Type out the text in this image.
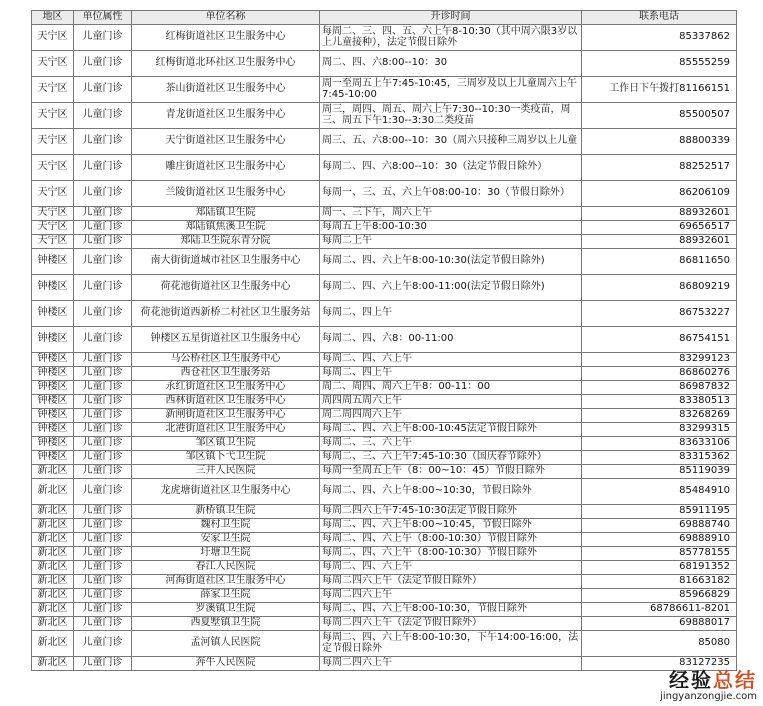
地区	单位属性	单位名称	开诊时间	联系电话
天宁区	儿童门诊	红梅街道社区卫生服务中心	每周二、三、四、五、六上午8-10:30（其中周六限3岁以上儿童接种），法定节假日除外	85337862
天宁区	儿童门诊	红梅街道北环社区卫生服务中心	周二、四、六8:00--10：30	85555259
天宁区	儿童门诊	茶山街道社区卫生服务中心	周一至周五上午7:45-10:45，三周岁及以上儿童周六上午7:45-10:00	工作日下午拨打81166151
天宁区	儿童门诊	青龙街道社区卫生服务中心	周三，周四、周五、周六上午7:30--10:30一类疫苗，周三、周五下午1:30--3:30二类疫苗	85500507
天宁区	儿童门诊	天宁街道社区卫生服务中心	周三、五、六8:00--10：30（周六只接种三周岁以上儿童	88800339
天宁区	儿童门诊	雕庄街道社区卫生服务中心	每周二、四、六8:00--10：30（法定节假日除外）	88252517
天宁区	儿童门诊	兰陵街道社区卫生服务中心	每周一、三、五、六上午08:00-10：30（节假日除外）	86206109
天宁区	儿童门诊	郑陆镇卫生院	周一、三下午，周六上午	88932601
天宁区	儿童门诊	郑陆镇焦溪卫生院	每周五上午8:00-10:30	69656517
天宁区	儿童门诊	郑陆卫生院东青分院	每周二上午	88932601
钟楼区	儿童门诊	南大街街道城市社区卫生服务中心	每周二、四、六上午8:00-10:30(法定节假日除外)	86811650
钟楼区	儿童门诊	荷花池街道社区卫生服务中心	每周二、四、六上午8:00-11:00(法定节假日除外)	86809219
钟楼区	儿童门诊	荷花池街道西新桥二村社区卫生服务站	每周二、四上午	86753227
钟楼区	儿童门诊	钟楼区五星街道社区卫生服务中心	每周二、四、六8：00-11:00	86754151
钟楼区	儿童门诊	马公桥社区卫生服务中心	每周二、四、六上午	83299123
钟楼区	儿童门诊	西仓社区卫生服务站	每周二、四上午	86860276
钟楼区	儿童门诊	永红街道社区卫生服务中心	周二、周四、周六上午8：00-11：00	86987832
钟楼区	儿童门诊	西林街道社区卫生服务中心	周四周五周六上午	83380513
钟楼区	儿童门诊	新闸街道社区卫生服务中心	周二周四周六上午	83268269
钟楼区	儿童门诊	北港街道社区卫生服务中心	每周二、四、六上午8:00-10:45法定节假日除外	83299315
钟楼区	儿童门诊	邹区镇卫生院	每周二、三、六上午	83633106
钟楼区	儿童门诊	邹区镇卜弋卫生院	每周二、三、六上午7:45-10:30（国庆春节除外）	83315362
新北区	儿童门诊	三井人民医院	每周一至周五上午（8：00~10：45）节假日除外	85119039
新北区	儿童门诊	龙虎塘街道社区卫生服务中心	每周二、四、六上午8:00~10:30，节假日除外	85484910
新北区	儿童门诊	新桥镇卫生院	每周二四六上午7:45-10:30法定节假日除外	85911195
新北区	儿童门诊	魏村卫生院	每周二、四、六上午8:00~10:45，节假日除外	69888740
新北区	儿童门诊	安家卫生院	每周二、四、六上午（8:00-10:30）节假日除外	69888910
新北区	儿童门诊	圩塘卫生院	每周二、四、六上午（8:00-10:30）节假日除外	85778155
新北区	儿童门诊	春江人民医院	每周二、四、六上午	68191352
新北区	儿童门诊	河海街道社区卫生服务中心	每周二四六上午（法定节假日除外）	81663182
新北区	儿童门诊	薛家卫生院	每周二四六上午	85966829
新北区	儿童门诊	罗溪镇卫生院	每周二、四、六上午8:00-10:30，节假日除外	68786611-8201
新北区	儿童门诊	西夏墅镇卫生院	每周二四六上午（法定节假日除外）	69888017
新北区	儿童门诊	孟河镇人民医院	每周二、四、六上午8:00-10:30，下午14:00-16:00，法定节假日除外	85080
新北区	儿童门诊	奔牛人民医院	每周二四六上午	83127235
经验总结
jingyanzongjie.com
